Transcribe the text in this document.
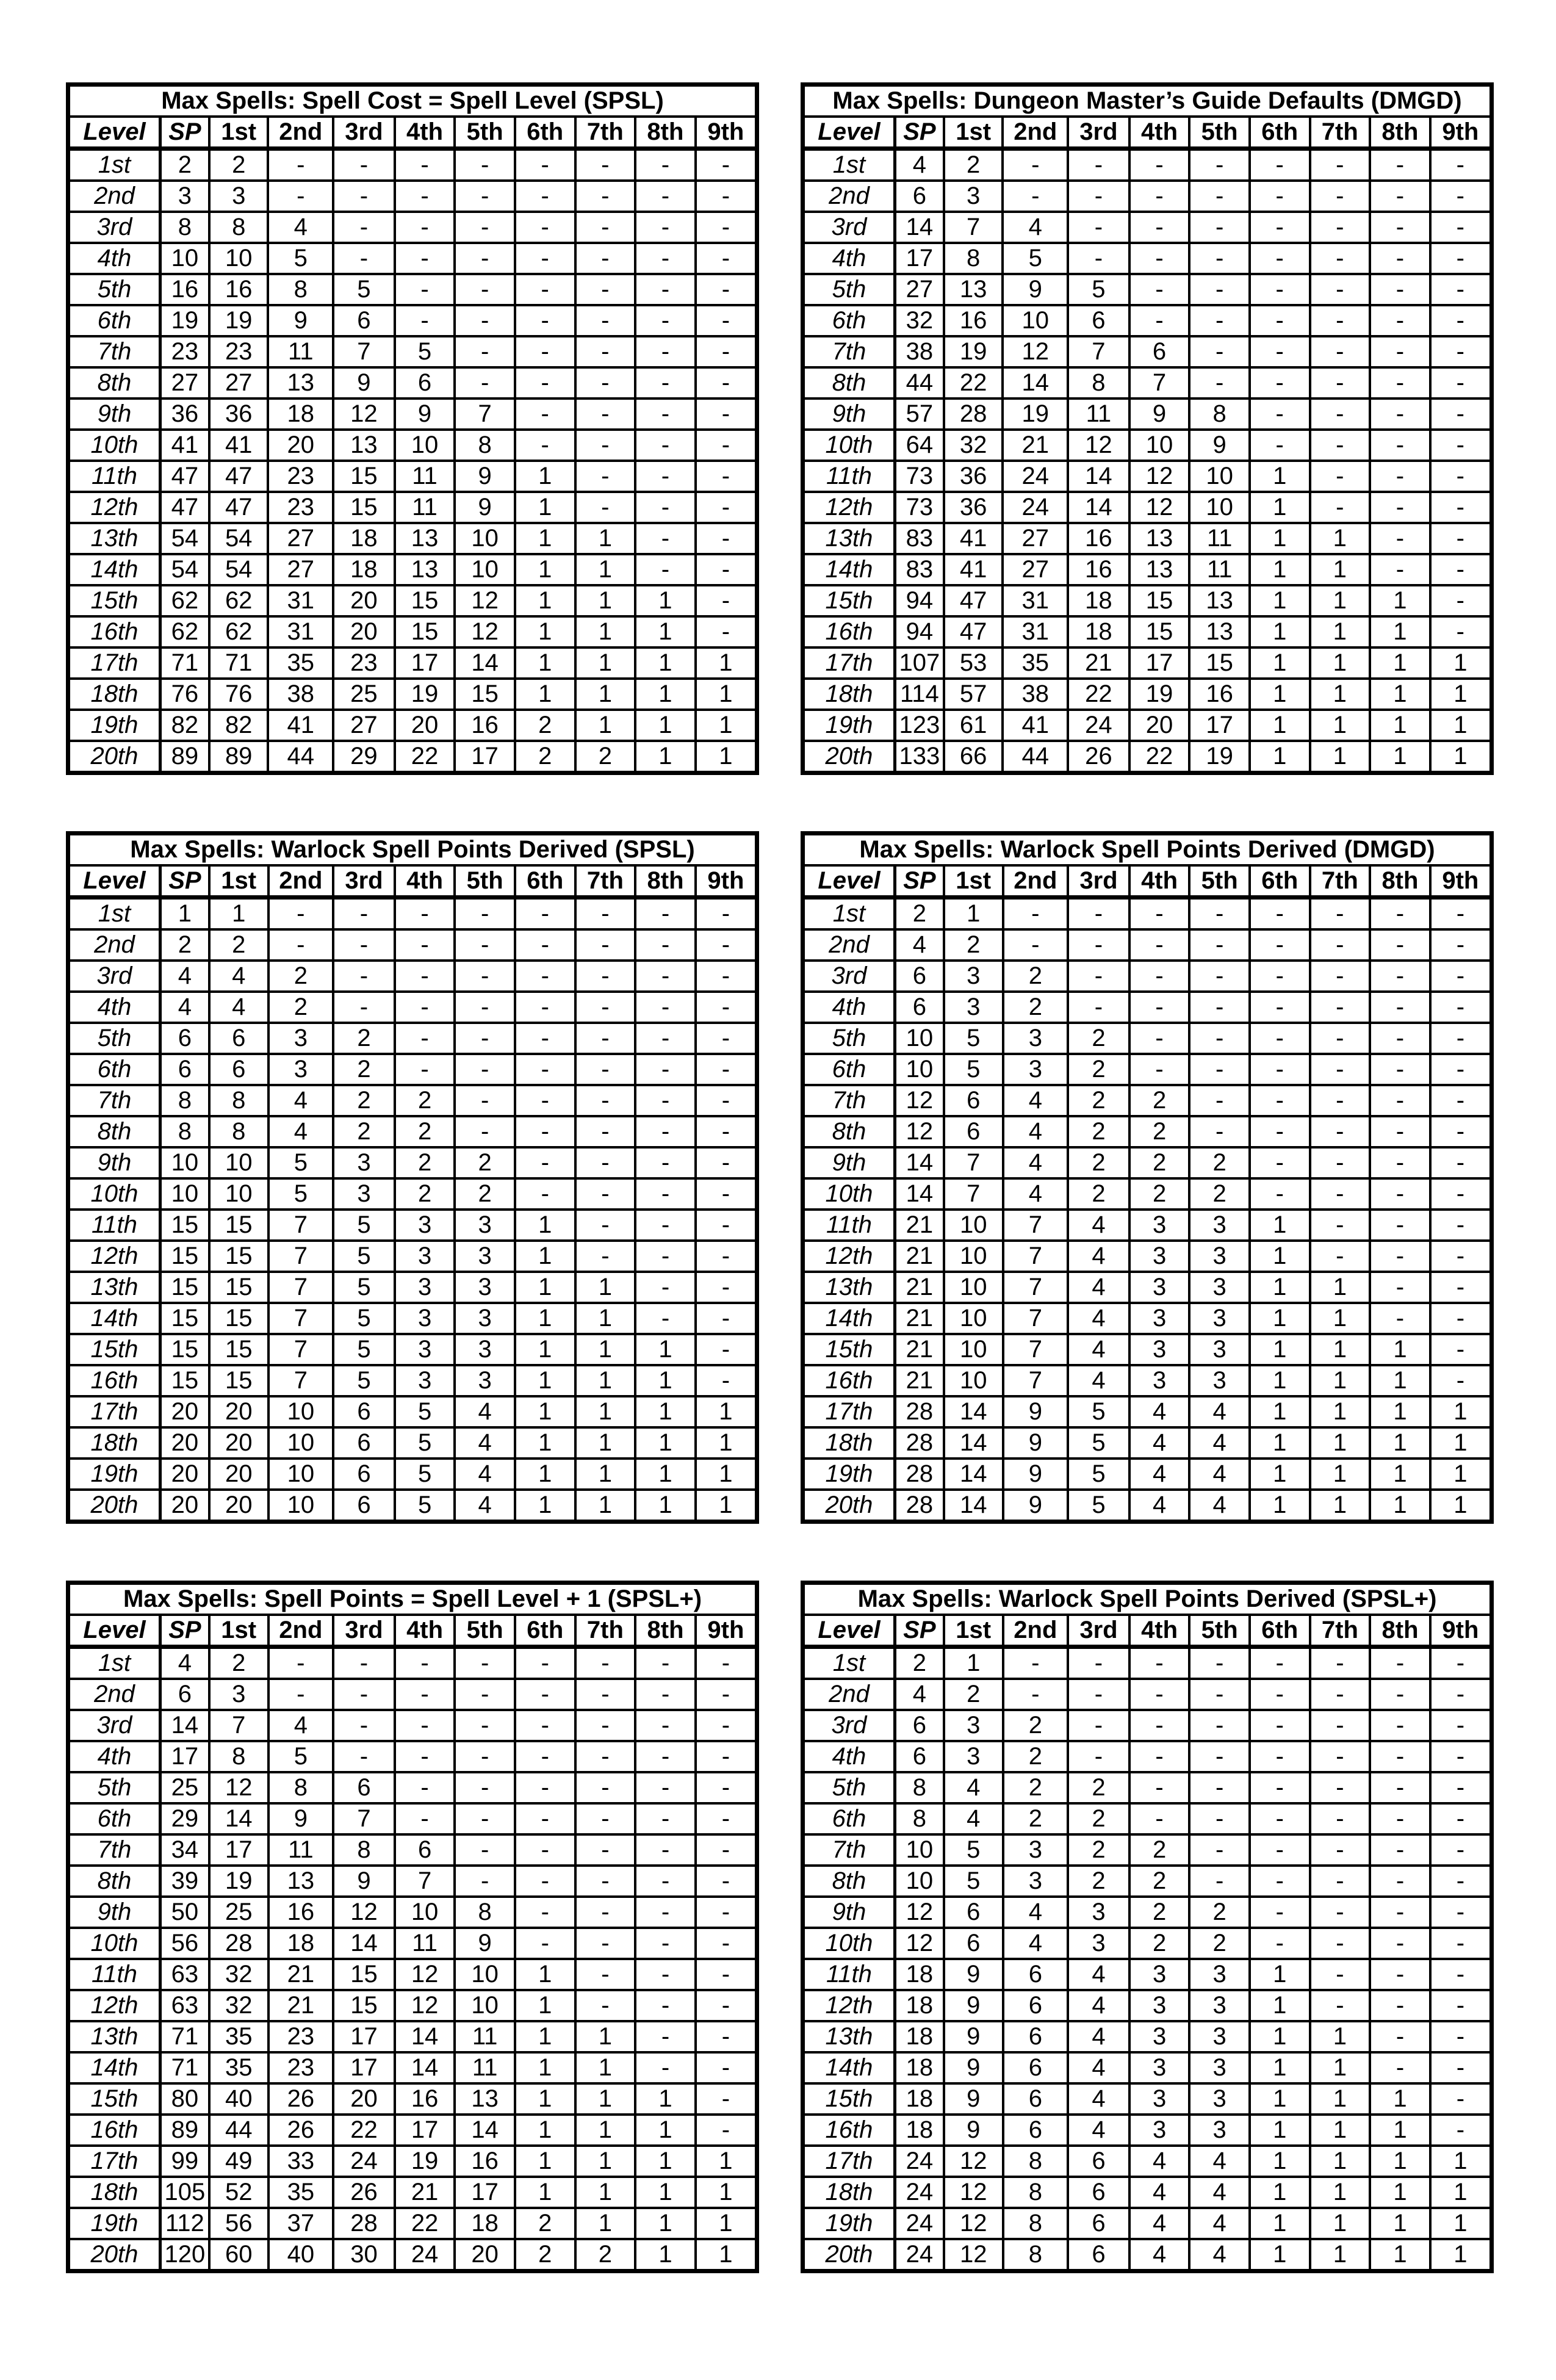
Max Spells: Spell Cost = Spell Level (SPSL)										
Level	SP	1st	2nd	3rd	4th	5th	6th	7th	8th	9th
1st	2	2	-	-	-	-	-	-	-	-
2nd	3	3	-	-	-	-	-	-	-	-
3rd	8	8	4	-	-	-	-	-	-	-
4th	10	10	5	-	-	-	-	-	-	-
5th	16	16	8	5	-	-	-	-	-	-
6th	19	19	9	6	-	-	-	-	-	-
7th	23	23	11	7	5	-	-	-	-	-
8th	27	27	13	9	6	-	-	-	-	-
9th	36	36	18	12	9	7	-	-	-	-
10th	41	41	20	13	10	8	-	-	-	-
11th	47	47	23	15	11	9	1	-	-	-
12th	47	47	23	15	11	9	1	-	-	-
13th	54	54	27	18	13	10	1	1	-	-
14th	54	54	27	18	13	10	1	1	-	-
15th	62	62	31	20	15	12	1	1	1	-
16th	62	62	31	20	15	12	1	1	1	-
17th	71	71	35	23	17	14	1	1	1	1
18th	76	76	38	25	19	15	1	1	1	1
19th	82	82	41	27	20	16	2	1	1	1
20th	89	89	44	29	22	17	2	2	1	1
Max Spells: Dungeon Master’s Guide Defaults (DMGD)										
Level	SP	1st	2nd	3rd	4th	5th	6th	7th	8th	9th
1st	4	2	-	-	-	-	-	-	-	-
2nd	6	3	-	-	-	-	-	-	-	-
3rd	14	7	4	-	-	-	-	-	-	-
4th	17	8	5	-	-	-	-	-	-	-
5th	27	13	9	5	-	-	-	-	-	-
6th	32	16	10	6	-	-	-	-	-	-
7th	38	19	12	7	6	-	-	-	-	-
8th	44	22	14	8	7	-	-	-	-	-
9th	57	28	19	11	9	8	-	-	-	-
10th	64	32	21	12	10	9	-	-	-	-
11th	73	36	24	14	12	10	1	-	-	-
12th	73	36	24	14	12	10	1	-	-	-
13th	83	41	27	16	13	11	1	1	-	-
14th	83	41	27	16	13	11	1	1	-	-
15th	94	47	31	18	15	13	1	1	1	-
16th	94	47	31	18	15	13	1	1	1	-
17th	107	53	35	21	17	15	1	1	1	1
18th	114	57	38	22	19	16	1	1	1	1
19th	123	61	41	24	20	17	1	1	1	1
20th	133	66	44	26	22	19	1	1	1	1
Max Spells: Warlock Spell Points Derived (SPSL)										
Level	SP	1st	2nd	3rd	4th	5th	6th	7th	8th	9th
1st	1	1	-	-	-	-	-	-	-	-
2nd	2	2	-	-	-	-	-	-	-	-
3rd	4	4	2	-	-	-	-	-	-	-
4th	4	4	2	-	-	-	-	-	-	-
5th	6	6	3	2	-	-	-	-	-	-
6th	6	6	3	2	-	-	-	-	-	-
7th	8	8	4	2	2	-	-	-	-	-
8th	8	8	4	2	2	-	-	-	-	-
9th	10	10	5	3	2	2	-	-	-	-
10th	10	10	5	3	2	2	-	-	-	-
11th	15	15	7	5	3	3	1	-	-	-
12th	15	15	7	5	3	3	1	-	-	-
13th	15	15	7	5	3	3	1	1	-	-
14th	15	15	7	5	3	3	1	1	-	-
15th	15	15	7	5	3	3	1	1	1	-
16th	15	15	7	5	3	3	1	1	1	-
17th	20	20	10	6	5	4	1	1	1	1
18th	20	20	10	6	5	4	1	1	1	1
19th	20	20	10	6	5	4	1	1	1	1
20th	20	20	10	6	5	4	1	1	1	1
Max Spells: Warlock Spell Points Derived (DMGD)										
Level	SP	1st	2nd	3rd	4th	5th	6th	7th	8th	9th
1st	2	1	-	-	-	-	-	-	-	-
2nd	4	2	-	-	-	-	-	-	-	-
3rd	6	3	2	-	-	-	-	-	-	-
4th	6	3	2	-	-	-	-	-	-	-
5th	10	5	3	2	-	-	-	-	-	-
6th	10	5	3	2	-	-	-	-	-	-
7th	12	6	4	2	2	-	-	-	-	-
8th	12	6	4	2	2	-	-	-	-	-
9th	14	7	4	2	2	2	-	-	-	-
10th	14	7	4	2	2	2	-	-	-	-
11th	21	10	7	4	3	3	1	-	-	-
12th	21	10	7	4	3	3	1	-	-	-
13th	21	10	7	4	3	3	1	1	-	-
14th	21	10	7	4	3	3	1	1	-	-
15th	21	10	7	4	3	3	1	1	1	-
16th	21	10	7	4	3	3	1	1	1	-
17th	28	14	9	5	4	4	1	1	1	1
18th	28	14	9	5	4	4	1	1	1	1
19th	28	14	9	5	4	4	1	1	1	1
20th	28	14	9	5	4	4	1	1	1	1
Max Spells: Spell Points = Spell Level + 1 (SPSL+)										
Level	SP	1st	2nd	3rd	4th	5th	6th	7th	8th	9th
1st	4	2	-	-	-	-	-	-	-	-
2nd	6	3	-	-	-	-	-	-	-	-
3rd	14	7	4	-	-	-	-	-	-	-
4th	17	8	5	-	-	-	-	-	-	-
5th	25	12	8	6	-	-	-	-	-	-
6th	29	14	9	7	-	-	-	-	-	-
7th	34	17	11	8	6	-	-	-	-	-
8th	39	19	13	9	7	-	-	-	-	-
9th	50	25	16	12	10	8	-	-	-	-
10th	56	28	18	14	11	9	-	-	-	-
11th	63	32	21	15	12	10	1	-	-	-
12th	63	32	21	15	12	10	1	-	-	-
13th	71	35	23	17	14	11	1	1	-	-
14th	71	35	23	17	14	11	1	1	-	-
15th	80	40	26	20	16	13	1	1	1	-
16th	89	44	26	22	17	14	1	1	1	-
17th	99	49	33	24	19	16	1	1	1	1
18th	105	52	35	26	21	17	1	1	1	1
19th	112	56	37	28	22	18	2	1	1	1
20th	120	60	40	30	24	20	2	2	1	1
Max Spells: Warlock Spell Points Derived (SPSL+)										
Level	SP	1st	2nd	3rd	4th	5th	6th	7th	8th	9th
1st	2	1	-	-	-	-	-	-	-	-
2nd	4	2	-	-	-	-	-	-	-	-
3rd	6	3	2	-	-	-	-	-	-	-
4th	6	3	2	-	-	-	-	-	-	-
5th	8	4	2	2	-	-	-	-	-	-
6th	8	4	2	2	-	-	-	-	-	-
7th	10	5	3	2	2	-	-	-	-	-
8th	10	5	3	2	2	-	-	-	-	-
9th	12	6	4	3	2	2	-	-	-	-
10th	12	6	4	3	2	2	-	-	-	-
11th	18	9	6	4	3	3	1	-	-	-
12th	18	9	6	4	3	3	1	-	-	-
13th	18	9	6	4	3	3	1	1	-	-
14th	18	9	6	4	3	3	1	1	-	-
15th	18	9	6	4	3	3	1	1	1	-
16th	18	9	6	4	3	3	1	1	1	-
17th	24	12	8	6	4	4	1	1	1	1
18th	24	12	8	6	4	4	1	1	1	1
19th	24	12	8	6	4	4	1	1	1	1
20th	24	12	8	6	4	4	1	1	1	1
